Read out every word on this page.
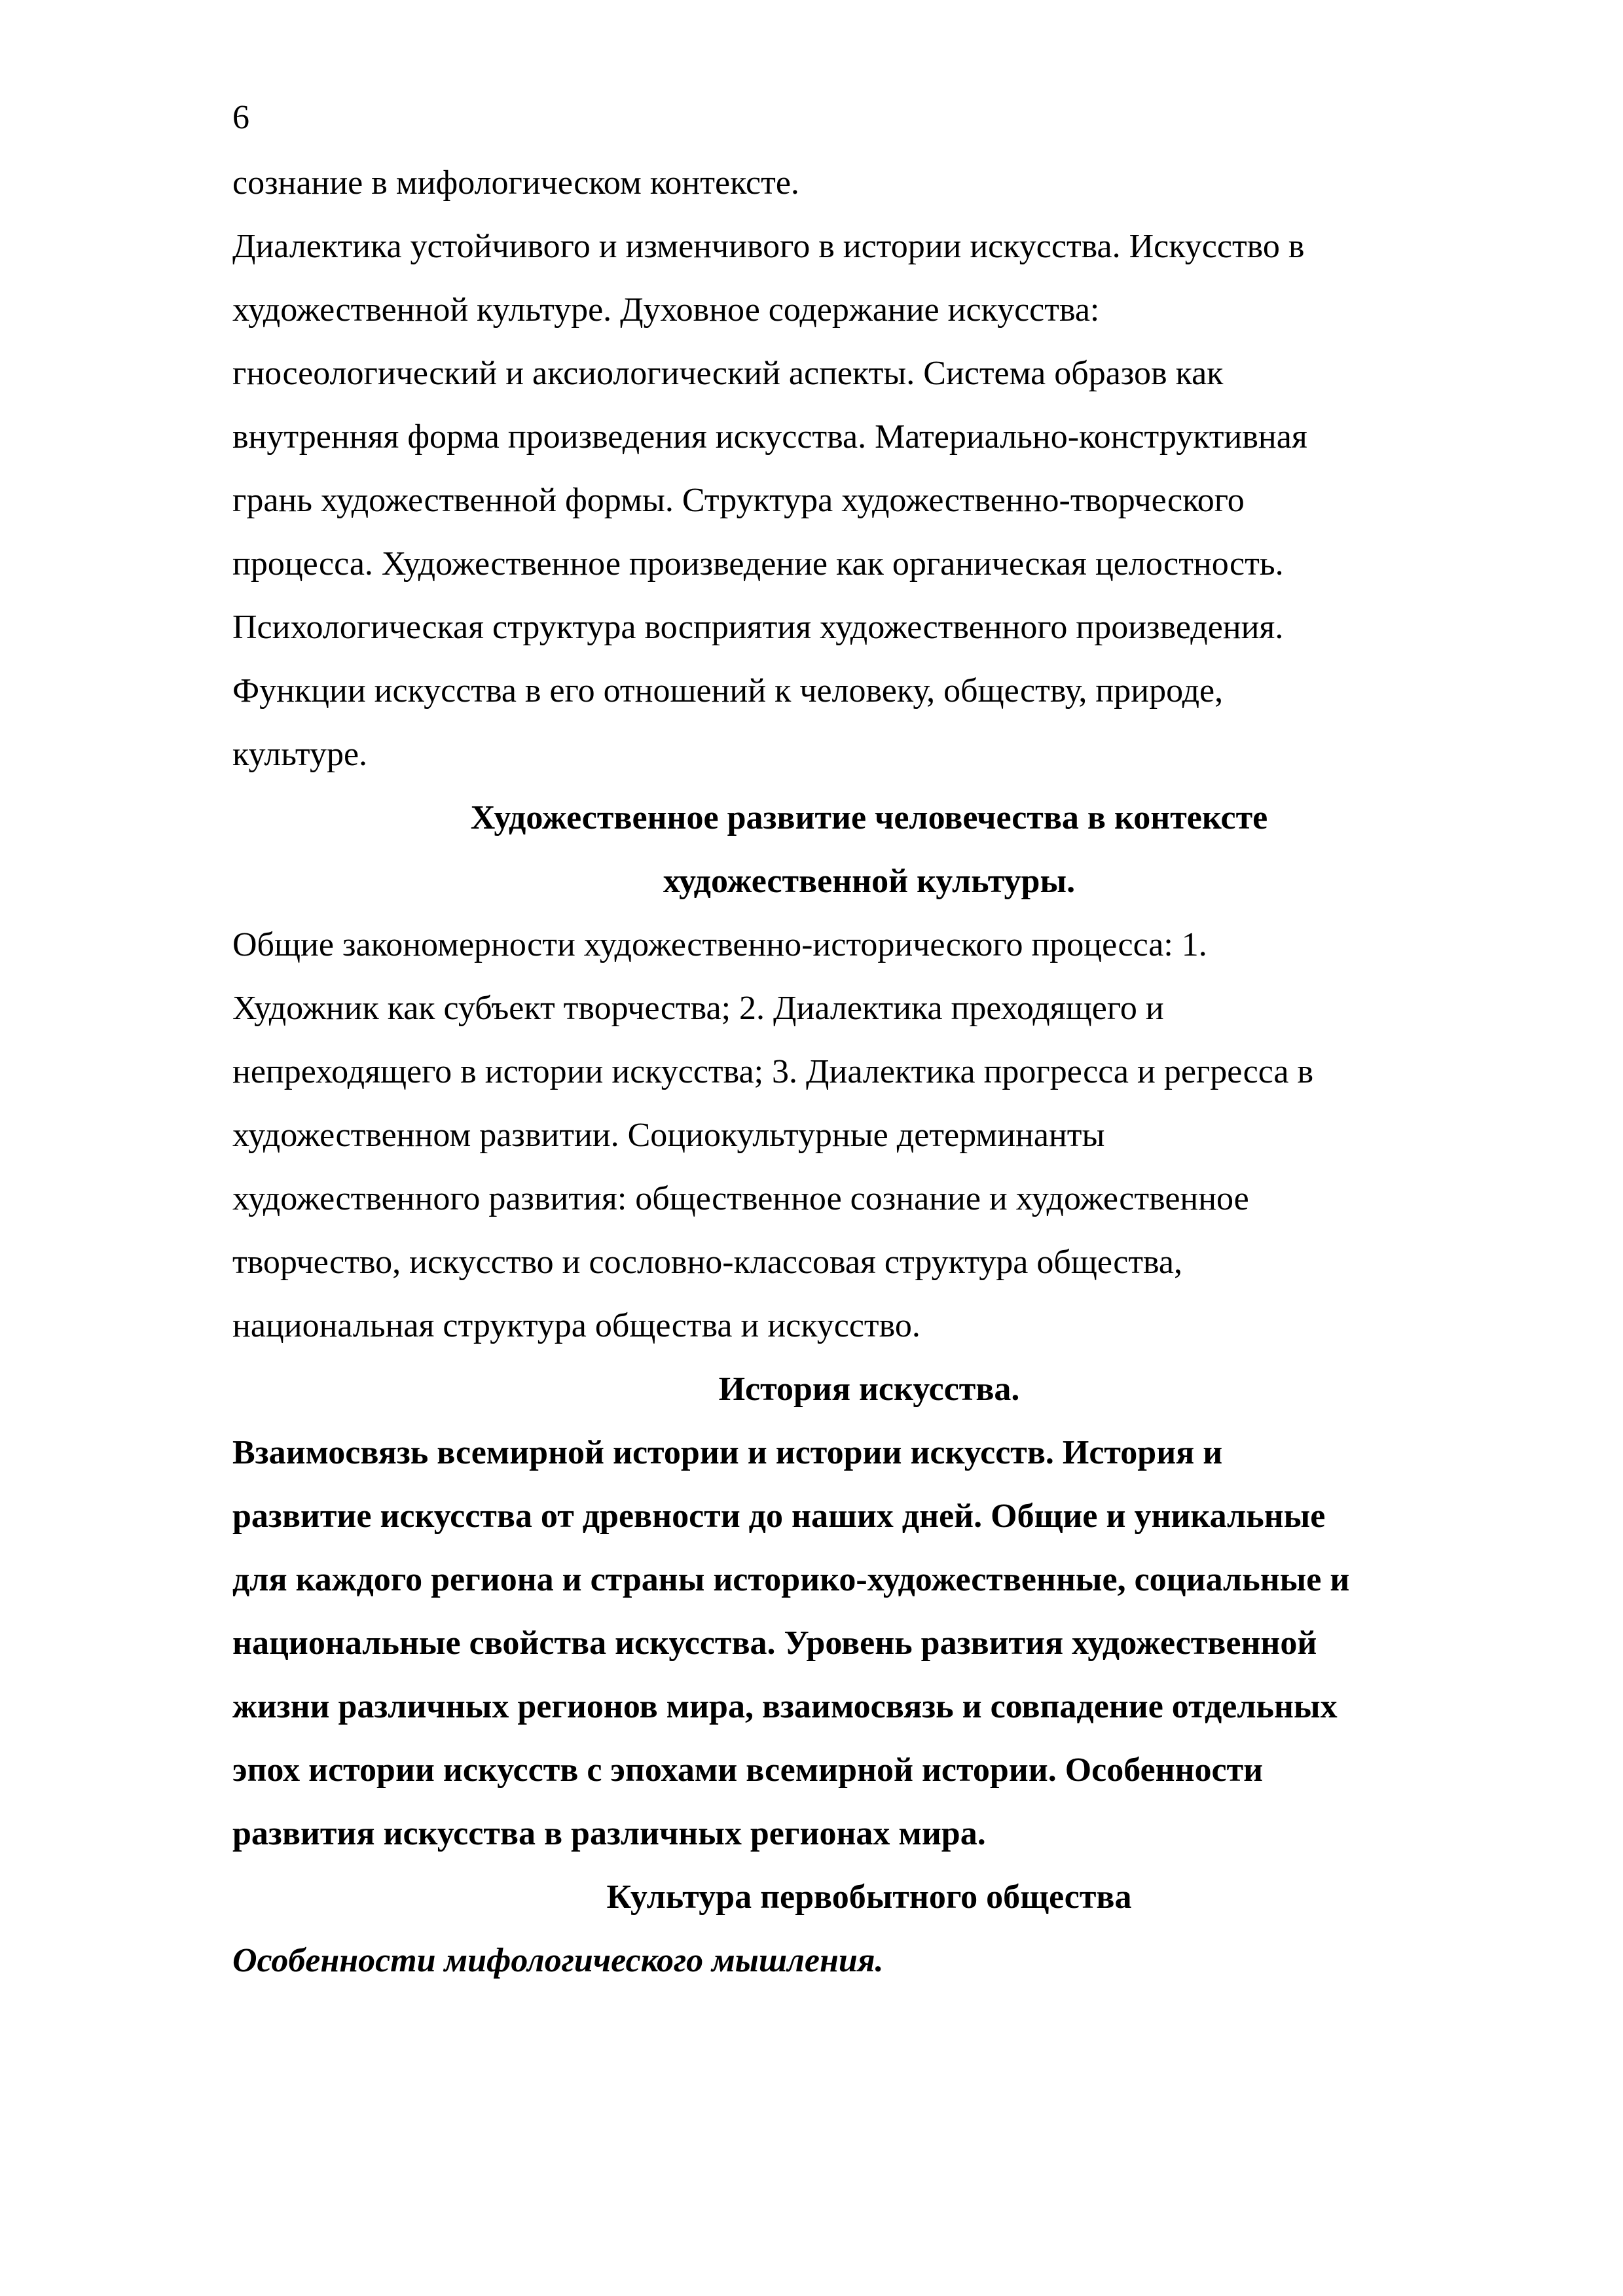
6
сознание в мифологическом контексте.
Диалектика устойчивого и изменчивого в истории искусства. Искусство в
художественной культуре. Духовное содержание искусства:
гносеологический и аксиологический аспекты. Система образов как
внутренняя форма произведения искусства. Материально-конструктивная
грань художественной формы. Структура художественно-творческого
процесса. Художественное произведение как органическая целостность.
Психологическая структура восприятия художественного произведения.
Функции искусства в его отношений к человеку, обществу, природе,
культуре.
Художественное развитие человечества в контексте
художественной культуры.
Общие закономерности художественно-исторического процесса: 1.
Художник как субъект творчества; 2. Диалектика преходящего и
непреходящего в истории искусства; 3. Диалектика прогресса и регресса в
художественном развитии. Социокультурные детерминанты
художественного развития: общественное сознание и художественное
творчество, искусство и сословно-классовая структура общества,
национальная структура общества и искусство.
История искусства.
Взаимосвязь всемирной истории и истории искусств. История и
развитие искусства от древности до наших дней. Общие и уникальные
для каждого региона и страны историко-художественные, социальные и
национальные свойства искусства. Уровень развития художественной
жизни различных регионов мира, взаимосвязь и совпадение отдельных
эпох истории искусств с эпохами всемирной истории. Особенности
развития искусства в различных регионах мира.
Культура первобытного общества
Особенности мифологического мышления.
